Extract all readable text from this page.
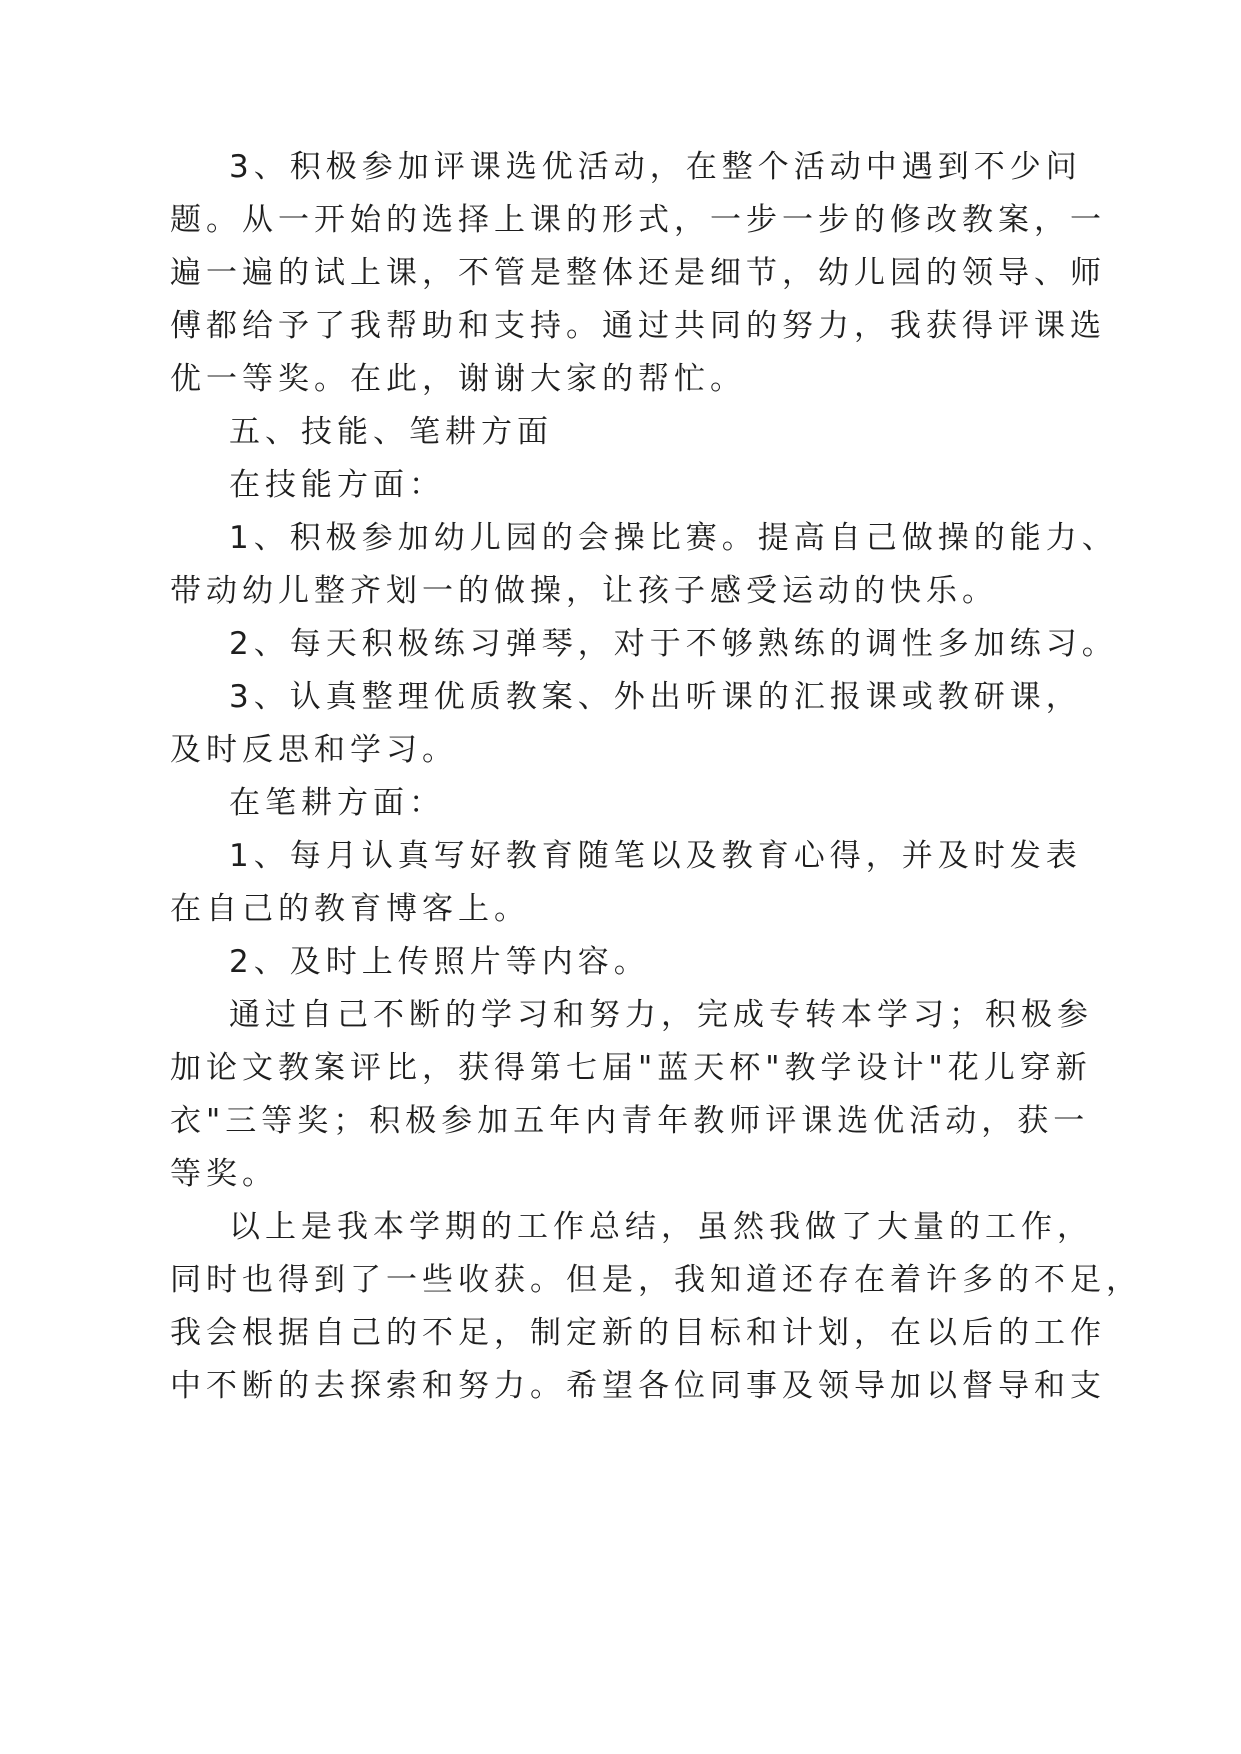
3、积极参加评课选优活动，在整个活动中遇到不少问
题。从一开始的选择上课的形式，一步一步的修改教案，一
遍一遍的试上课，不管是整体还是细节，幼儿园的领导、师
傅都给予了我帮助和支持。通过共同的努力，我获得评课选
优一等奖。在此，谢谢大家的帮忙。
五、技能、笔耕方面
在技能方面：
1、积极参加幼儿园的会操比赛。提高自己做操的能力、
带动幼儿整齐划一的做操，让孩子感受运动的快乐。
2、每天积极练习弹琴，对于不够熟练的调性多加练习。
3、认真整理优质教案、外出听课的汇报课或教研课，
及时反思和学习。
在笔耕方面：
1、每月认真写好教育随笔以及教育心得，并及时发表
在自己的教育博客上。
2、及时上传照片等内容。
通过自己不断的学习和努力，完成专转本学习；积极参
加论文教案评比，获得第七届"蓝天杯"教学设计"花儿穿新
衣"三等奖；积极参加五年内青年教师评课选优活动，获一
等奖。
以上是我本学期的工作总结，虽然我做了大量的工作，
同时也得到了一些收获。但是，我知道还存在着许多的不足，
我会根据自己的不足，制定新的目标和计划，在以后的工作
中不断的去探索和努力。希望各位同事及领导加以督导和支
